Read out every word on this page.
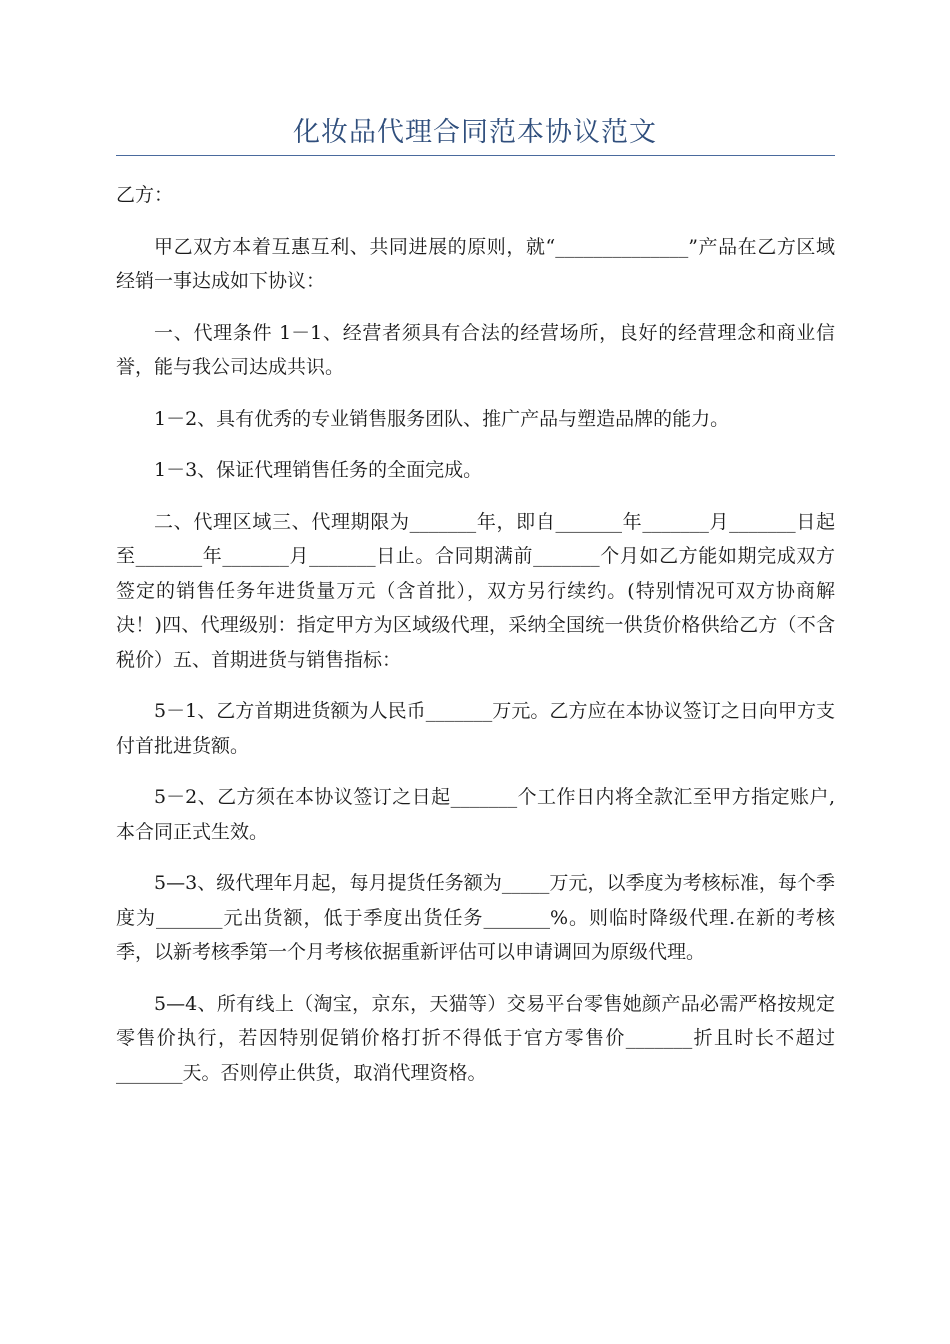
化妆品代理合同范本协议范文

乙方：

甲乙双方本着互惠互利、共同进展的原则，就“______________”产品在乙方区域经销一事达成如下协议：

一、代理条件 1－1、经营者须具有合法的经营场所，良好的经营理念和商业信誉，能与我公司达成共识。

1－2、具有优秀的专业销售服务团队、推广产品与塑造品牌的能力。

1－3、保证代理销售任务的全面完成。

二、代理区域三、代理期限为_______年，即自_______年_______月_______日起至_______年_______月_______日止。合同期满前_______个月如乙方能如期完成双方签定的销售任务年进货量万元（含首批），双方另行续约。(特别情况可双方协商解决！)四、代理级别：指定甲方为区域级代理，采纳全国统一供货价格供给乙方（不含税价）五、首期进货与销售指标：

5－1、乙方首期进货额为人民币_______万元。乙方应在本协议签订之日向甲方支付首批进货额。

5－2、乙方须在本协议签订之日起_______个工作日内将全款汇至甲方指定账户,本合同正式生效。

5—3、级代理年月起，每月提货任务额为_____万元，以季度为考核标准，每个季度为_______元出货额，低于季度出货任务_______%。则临时降级代理.在新的考核季，以新考核季第一个月考核依据重新评估可以申请调回为原级代理。

5—4、所有线上（淘宝，京东，天猫等）交易平台零售她颜产品必需严格按规定零售价执行，若因特别促销价格打折不得低于官方零售价_______折且时长不超过_______天。否则停止供货，取消代理资格。
